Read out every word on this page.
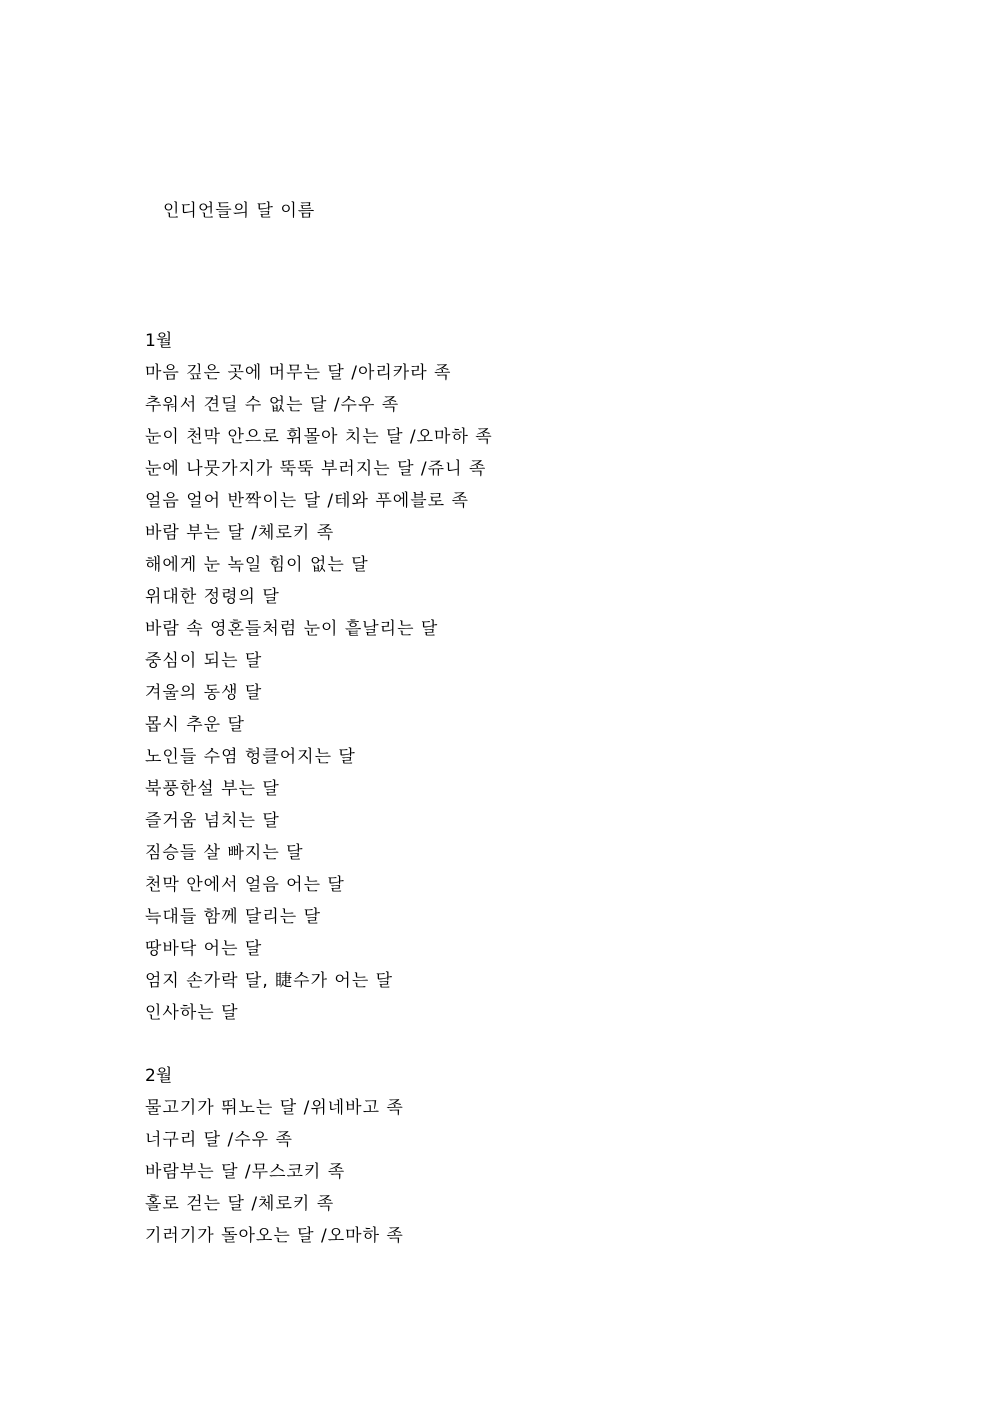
인디언들의 달 이름
1월
마음 깊은 곳에 머무는 달 /아리카라 족
추워서 견딜 수 없는 달 /수우 족
눈이 천막 안으로 휘몰아 치는 달 /오마하 족
눈에 나뭇가지가 뚝뚝 부러지는 달 /쥬니 족
얼음 얼어 반짝이는 달 /테와 푸에블로 족
바람 부는 달 /체로키 족
해에게 눈 녹일 힘이 없는 달
위대한 정령의 달
바람 속 영혼들처럼 눈이 흩날리는 달
중심이 되는 달
겨울의 동생 달
몹시 추운 달
노인들 수염 헝클어지는 달
북풍한설 부는 달
즐거움 넘치는 달
짐승들 살 빠지는 달
천막 안에서 얼음 어는 달
늑대들 함께 달리는 달
땅바닥 어는 달
엄지 손가락 달, 睫수가 어는 달
인사하는 달
2월
물고기가 뛰노는 달 /위네바고 족
너구리 달 /수우 족
바람부는 달 /무스코키 족
홀로 걷는 달 /체로키 족
기러기가 돌아오는 달 /오마하 족
